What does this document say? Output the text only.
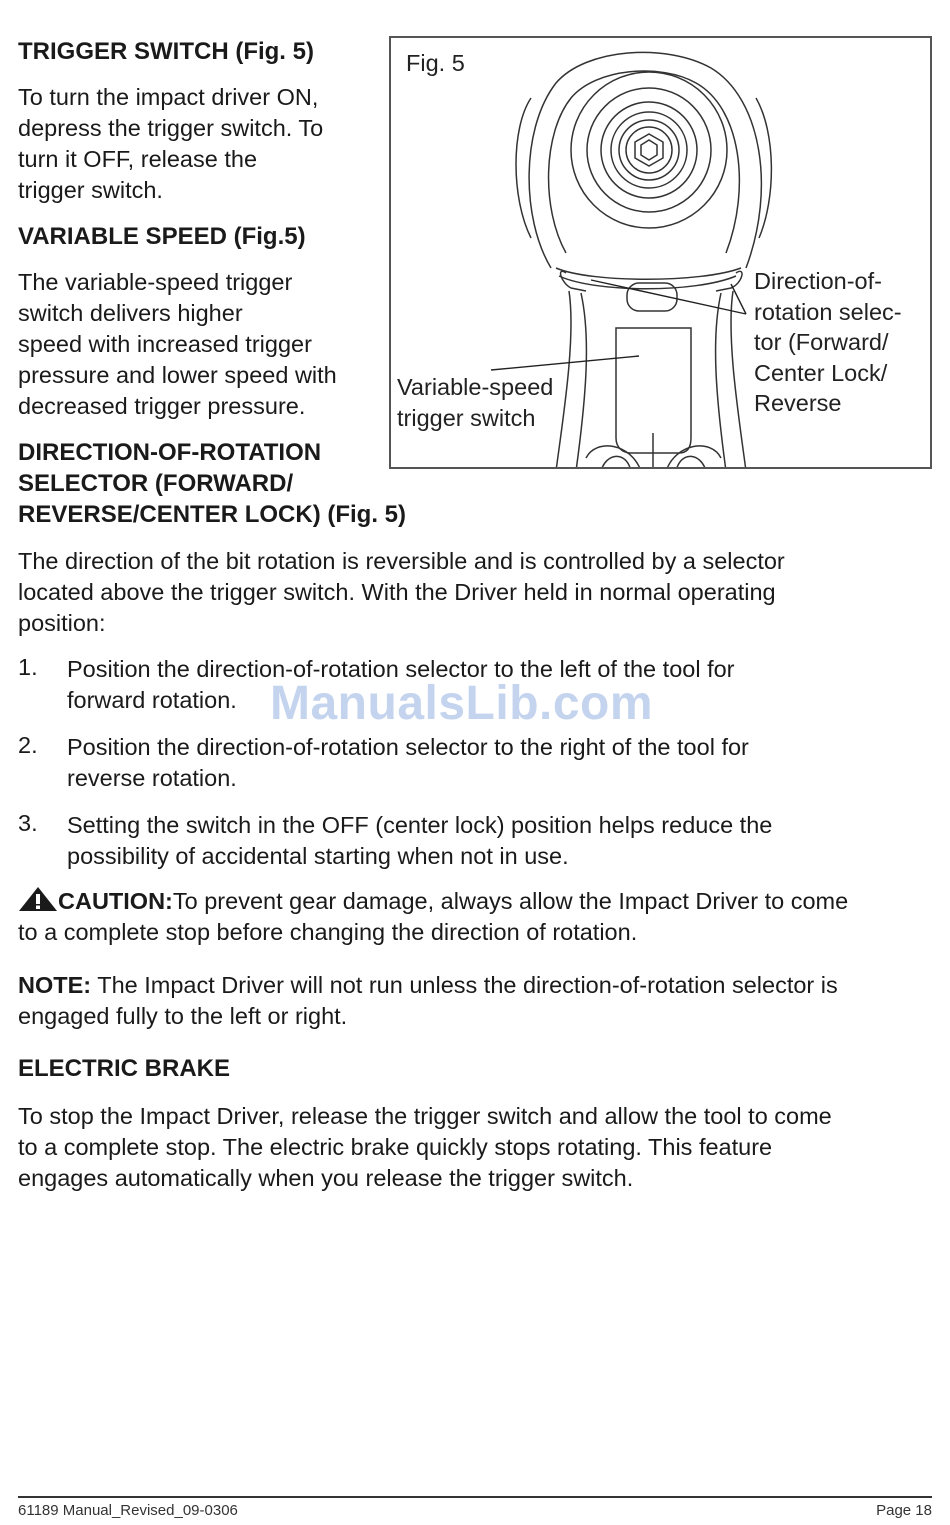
TRIGGER SWITCH (Fig. 5)

To turn the impact driver ON,

depress the trigger switch. To

turn it OFF, release the

trigger switch.

VARIABLE SPEED (Fig.5)

The variable-speed trigger

switch delivers higher

speed with increased trigger

pressure and lower speed with

decreased trigger pressure.

DIRECTION-OF-ROTATION
SELECTOR (FORWARD/
REVERSE/CENTER LOCK) (Fig. 5)
Fig. 5
Variable-speed
trigger switch
Direction-of-
rotation selec-
tor (Forward/
Center Lock/
Reverse

The direction of the bit rotation is reversible and is controlled by a selector

located above the trigger switch. With the Driver held in normal operating

position:

1. Position the direction-of-rotation selector to the left of the tool for
forward rotation.
2. Position the direction-of-rotation selector to the right of the tool for
reverse rotation.
3. Setting the switch in the OFF (center lock) position helps reduce the
possibility of accidental starting when not in use.
ManualsLib.com

CAUTION:To prevent gear damage, always allow the Impact Driver to come

to a complete stop before changing the direction of rotation.

NOTE: The Impact Driver will not run unless the direction-of-rotation selector is

engaged fully to the left or right.

ELECTRIC BRAKE

To stop the Impact Driver, release the trigger switch and allow the tool to come

to a complete stop. The electric brake quickly stops rotating. This feature

engages automatically when you release the trigger switch.

61189 Manual_Revised_09-0306	Page 18
